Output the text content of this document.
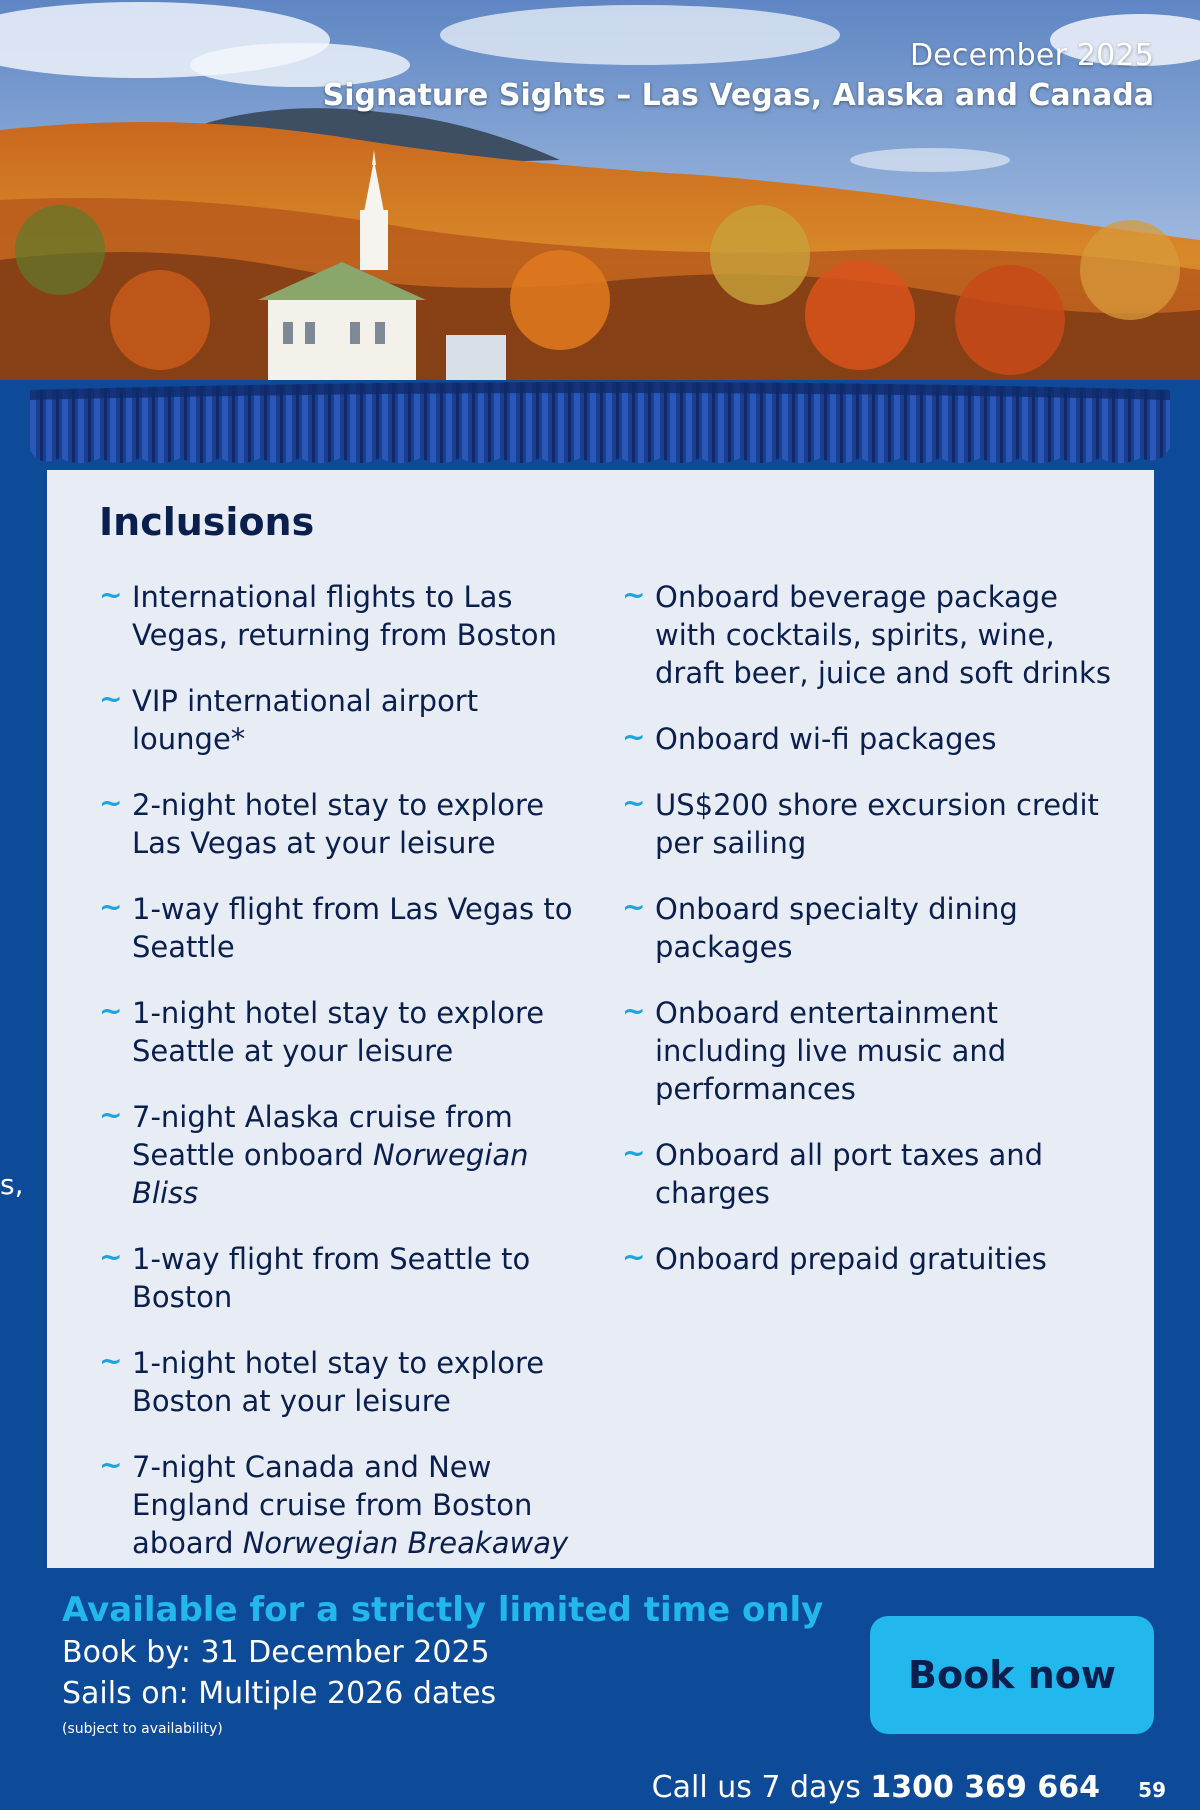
December 2025
Signature Sights – Las Vegas, Alaska and Canada
Inclusions
~ International flights to Las Vegas, returning from Boston
~ VIP international airport lounge*
~ 2-night hotel stay to explore Las Vegas at your leisure
~ 1-way flight from Las Vegas to Seattle
~ 1-night hotel stay to explore Seattle at your leisure
~ 7-night Alaska cruise from Seattle onboard Norwegian Bliss
~ 1-way flight from Seattle to Boston
~ 1-night hotel stay to explore Boston at your leisure
~ 7-night Canada and New England cruise from Boston aboard Norwegian Breakaway
~ Onboard beverage package with cocktails, spirits, wine, draft beer, juice and soft drinks
~ Onboard wi-fi packages
~ US$200 shore excursion credit per sailing
~ Onboard specialty dining packages
~ Onboard entertainment including live music and performances
~ Onboard all port taxes and charges
~ Onboard prepaid gratuities
s,
Available for a strictly limited time only
Book by: 31 December 2025
Sails on: Multiple 2026 dates
(subject to availability)
Book now
Call us 7 days 1300 369 664 59
